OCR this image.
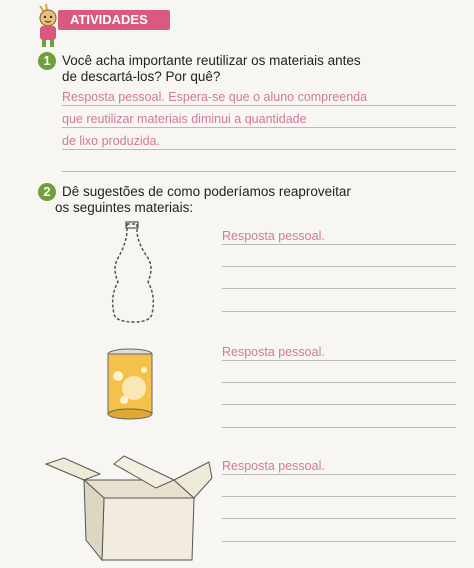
ATIVIDADES
1 Você acha importante reutilizar os materiais antes
de descartá-los? Por quê?
Resposta pessoal. Espera-se que o aluno compreenda
que reutilizar materiais diminui a quantidade
de lixo produzida.
2 Dê sugestões de como poderíamos reaproveitar
os seguintes materiais:
Resposta pessoal.
Resposta pessoal.
Resposta pessoal.
